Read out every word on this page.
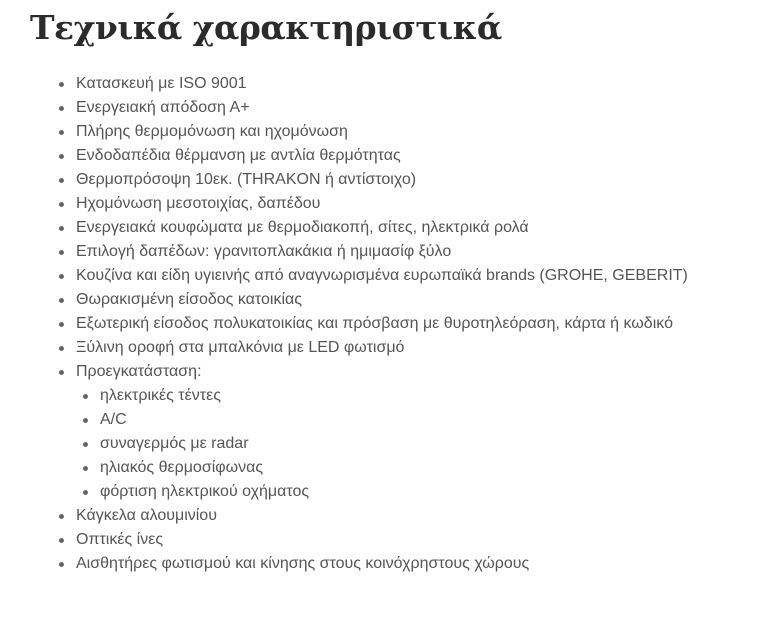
Τεχνικά χαρακτηριστικά
Κατασκευή με ISO 9001
Ενεργειακή απόδοση Α+
Πλήρης θερμομόνωση και ηχομόνωση
Ενδοδαπέδια θέρμανση με αντλία θερμότητας
Θερμοπρόσοψη 10εκ. (THRAKON ή αντίστοιχο)
Ηχομόνωση μεσοτοιχίας, δαπέδου
Ενεργειακά κουφώματα με θερμοδιακοπή, σίτες, ηλεκτρικά ρολά
Επιλογή δαπέδων: γρανιτοπλακάκια ή ημιμασίφ ξύλο
Κουζίνα και είδη υγιεινής από αναγνωρισμένα ευρωπαϊκά brands (GROHE, GEBERIT)
Θωρακισμένη είσοδος κατοικίας
Εξωτερική είσοδος πολυκατοικίας και πρόσβαση με θυροτηλεόραση, κάρτα ή κωδικό
Ξύλινη οροφή στα μπαλκόνια με LED φωτισμό
Προεγκατάσταση:
ηλεκτρικές τέντες
A/C
συναγερμός με radar
ηλιακός θερμοσίφωνας
φόρτιση ηλεκτρικού οχήματος
Κάγκελα αλουμινίου
Οπτικές ίνες
Αισθητήρες φωτισμού και κίνησης στους κοινόχρηστους χώρους
